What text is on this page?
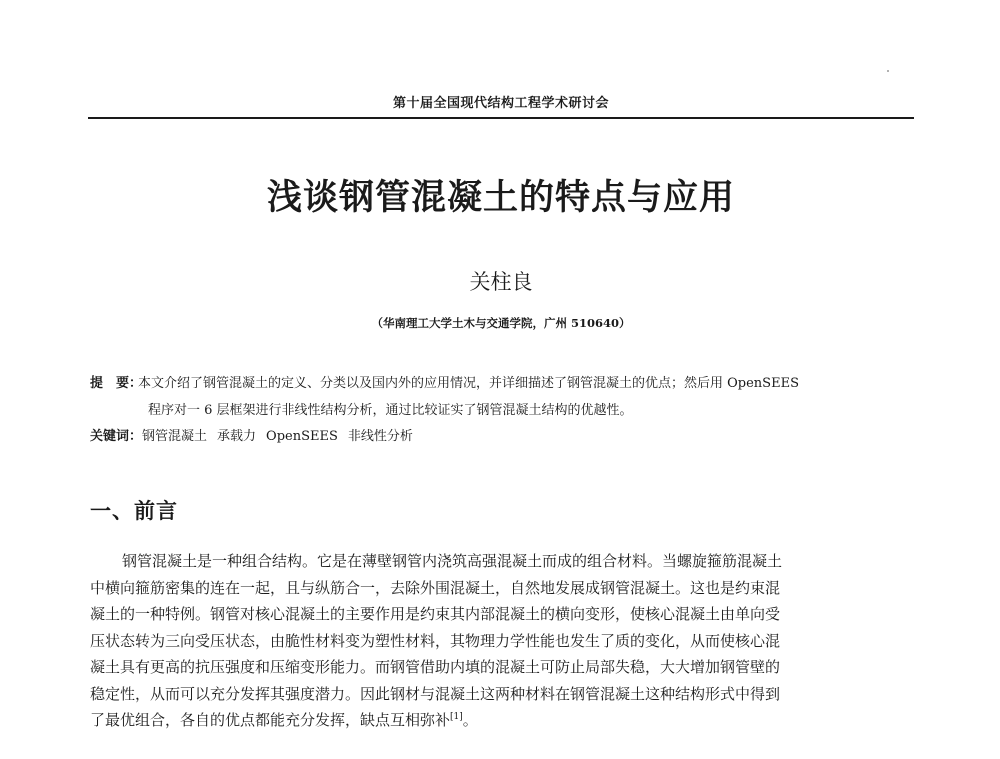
第十届全国现代结构工程学术研讨会
浅谈钢管混凝土的特点与应用
关柱良
（华南理工大学土木与交通学院，广州 510640）
提　要：本文介绍了钢管混凝土的定义、分类以及国内外的应用情况，并详细描述了钢管混凝土的优点；然后用 OpenSEES
程序对一 6 层框架进行非线性结构分析，通过比较证实了钢管混凝土结构的优越性。
关键词：钢管混凝土 承载力 OpenSEES 非线性分析
一、前言
钢管混凝土是一种组合结构。它是在薄壁钢管内浇筑高强混凝土而成的组合材料。当螺旋箍筋混凝土
中横向箍筋密集的连在一起，且与纵筋合一，去除外围混凝土，自然地发展成钢管混凝土。这也是约束混
凝土的一种特例。钢管对核心混凝土的主要作用是约束其内部混凝土的横向变形，使核心混凝土由单向受
压状态转为三向受压状态，由脆性材料变为塑性材料，其物理力学性能也发生了质的变化，从而使核心混
凝土具有更高的抗压强度和压缩变形能力。而钢管借助内填的混凝土可防止局部失稳，大大增加钢管壁的
稳定性，从而可以充分发挥其强度潜力。因此钢材与混凝土这两种材料在钢管混凝土这种结构形式中得到
了最优组合，各自的优点都能充分发挥，缺点互相弥补[1]。
